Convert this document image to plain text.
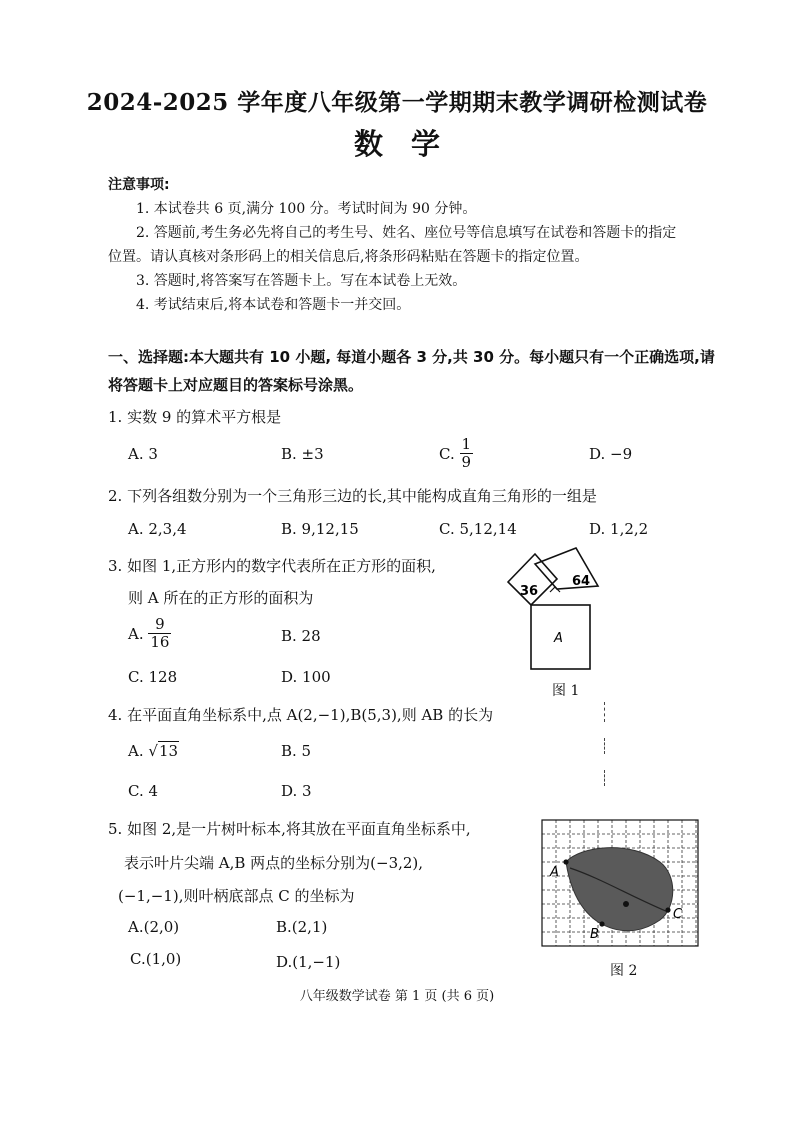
2024-2025 学年度八年级第一学期期末教学调研检测试卷
数学
注意事项:
1. 本试卷共 6 页,满分 100 分。考试时间为 90 分钟。
2. 答题前,考生务必先将自己的考生号、姓名、座位号等信息填写在试卷和答题卡的指定
位置。请认真核对条形码上的相关信息后,将条形码粘贴在答题卡的指定位置。
3. 答题时,将答案写在答题卡上。写在本试卷上无效。
4. 考试结束后,将本试卷和答题卡一并交回。
一、选择题:本大题共有 10 小题, 每道小题各 3 分,共 30 分。每小题只有一个正确选项,请
将答题卡上对应题目的答案标号涂黑。
1. 实数 9 的算术平方根是
A. 3	B. ±3	C. $\frac{1}{9}$	D. −9
2. 下列各组数分别为一个三角形三边的长,其中能构成直角三角形的一组是
A. 2,3,4	B. 9,12,15	C. 5,12,14	D. 1,2,2
3. 如图 1,正方形内的数字代表所在正方形的面积,
则 A 所在的正方形的面积为
A. $\frac{9}{16}$	B. 28
C. 128	D. 100
36
64
A
图 1
4. 在平面直角坐标系中,点 A(2,−1),B(5,3),则 AB 的长为
A. √13	B. 5
C. 4	D. 3
5. 如图 2,是一片树叶标本,将其放在平面直角坐标系中,
表示叶片尖端 A,B 两点的坐标分别为(−3,2),
(−1,−1),则叶柄底部点 C 的坐标为
A.(2,0)	B.(2,1)
C.(1,0)	D.(1,−1)
A
B
C
图 2
八年级数学试卷 第 1 页 (共 6 页)
